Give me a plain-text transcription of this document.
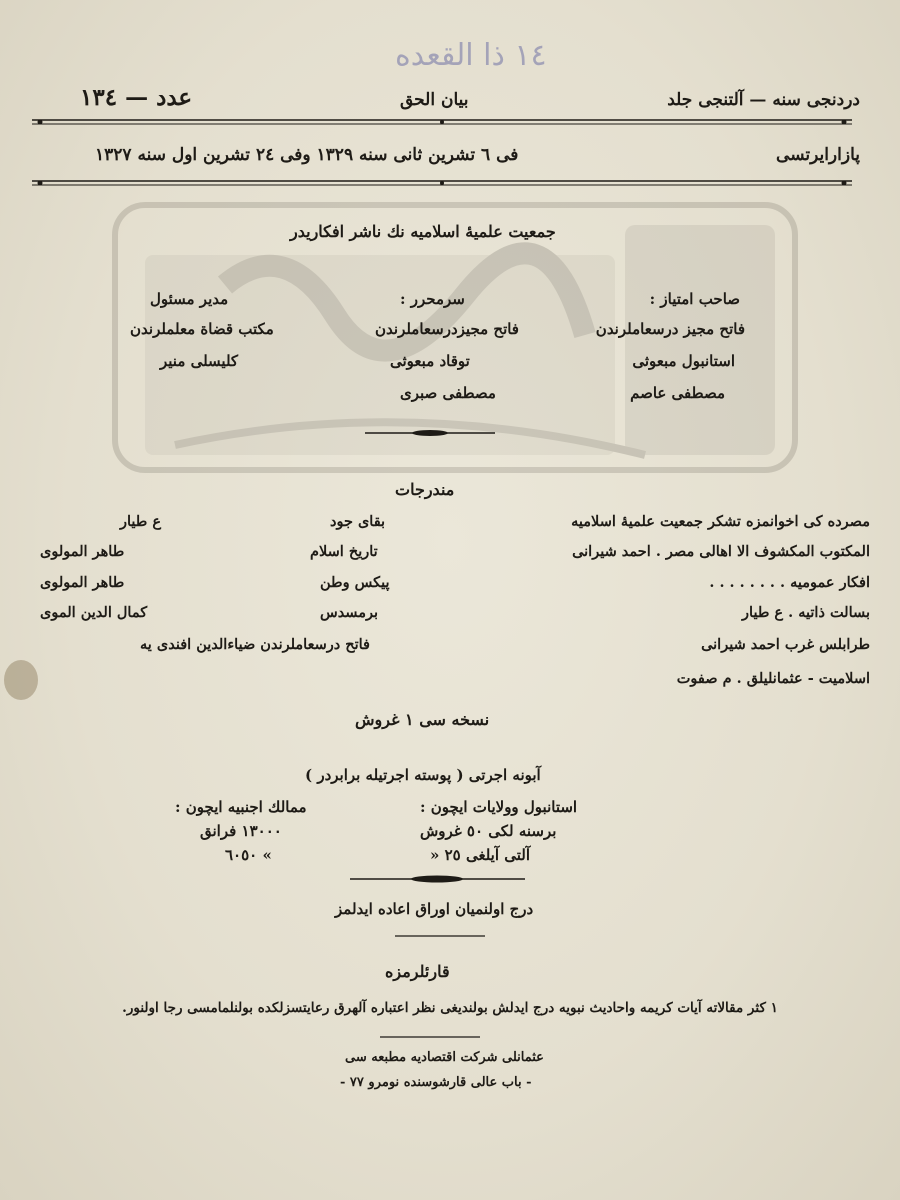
١٤ ذا القعده
دردنجی سنه — آلتنجی جلد
بیان الحق
عدد — ١٣٤
پازارایرتسی
فی ٦ تشرین ثانی سنه ١٣٢٩ وفی ٢٤ تشرین اول سنه ١٣٢٧
جمعیت علمیهٔ اسلامیه نك ناشر افکاریدر
صاحب امتیاز :
فاتح مجیز درسعاملرندن
استانبول مبعوثی
مصطفی عاصم
سرمحرر :
فاتح مجیزدرسعاملرندن
توقاد مبعوثی
مصطفی صبری
مدیر مسئول
مکتب قضاة معلملرندن
کلیسلی منیر
مندرجات
مصرده کی اخوانمزه تشکر جمعیت علمیهٔ اسلامیه
بقای جود
ع طیار
المکتوب المکشوف الا اهالی مصر . احمد شیرانی
تاریخ اسلام
طاهر المولوی
افکار عمومیه . . . . . . . .
پیکس وطن
طاهر المولوی
بسالت ذاتیه . ع طیار
برمسدس
کمال الدین الموی
طرابلس غرب احمد شیرانی
فاتح درسعاملرندن ضیاءالدین افندی یه
اسلامیت - عثمانلیلق . م صفوت
نسخه سی ١ غروش
آبونه اجرتی ( پوسته اجرتیله برابردر )
استانبول وولایات ایچون :
برسنه لکی ٥٠ غروش
آلتی آیلغی ٢٥ «
ممالك اجنبیه ایچون :
١٣٠٠٠ فرانق
٦٠٥٠ «
درج اولنمیان اوراق اعاده ایدلمز
قارئلرمزه
١ کثر مقالاته آیات کریمه واحادیث نبویه درج ایدلش بولندیغی نظر اعتباره آلهرق رعایتسزلکده بولنلمامسی رجا اولنور.
عثمانلی شرکت اقتصادیه مطبعه سی
- باب عالی قارشوسنده نومرو ٧٧ -
